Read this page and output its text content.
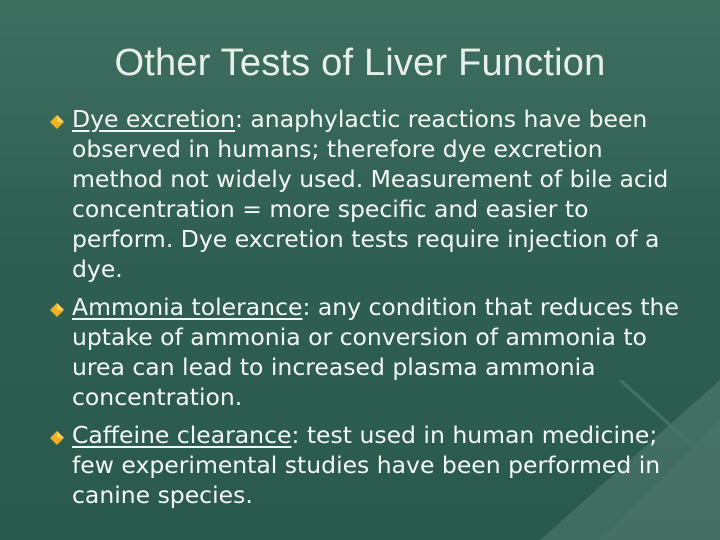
Other Tests of Liver Function
Dye excretion: anaphylactic reactions have been observed in humans; therefore dye excretion method not widely used. Measurement of bile acid concentration = more specific and easier to perform. Dye excretion tests require injection of a dye.
Ammonia tolerance: any condition that reduces the uptake of ammonia or conversion of ammonia to urea can lead to increased plasma ammonia concentration.
Caffeine clearance: test used in human medicine; few experimental studies have been performed in canine species.
